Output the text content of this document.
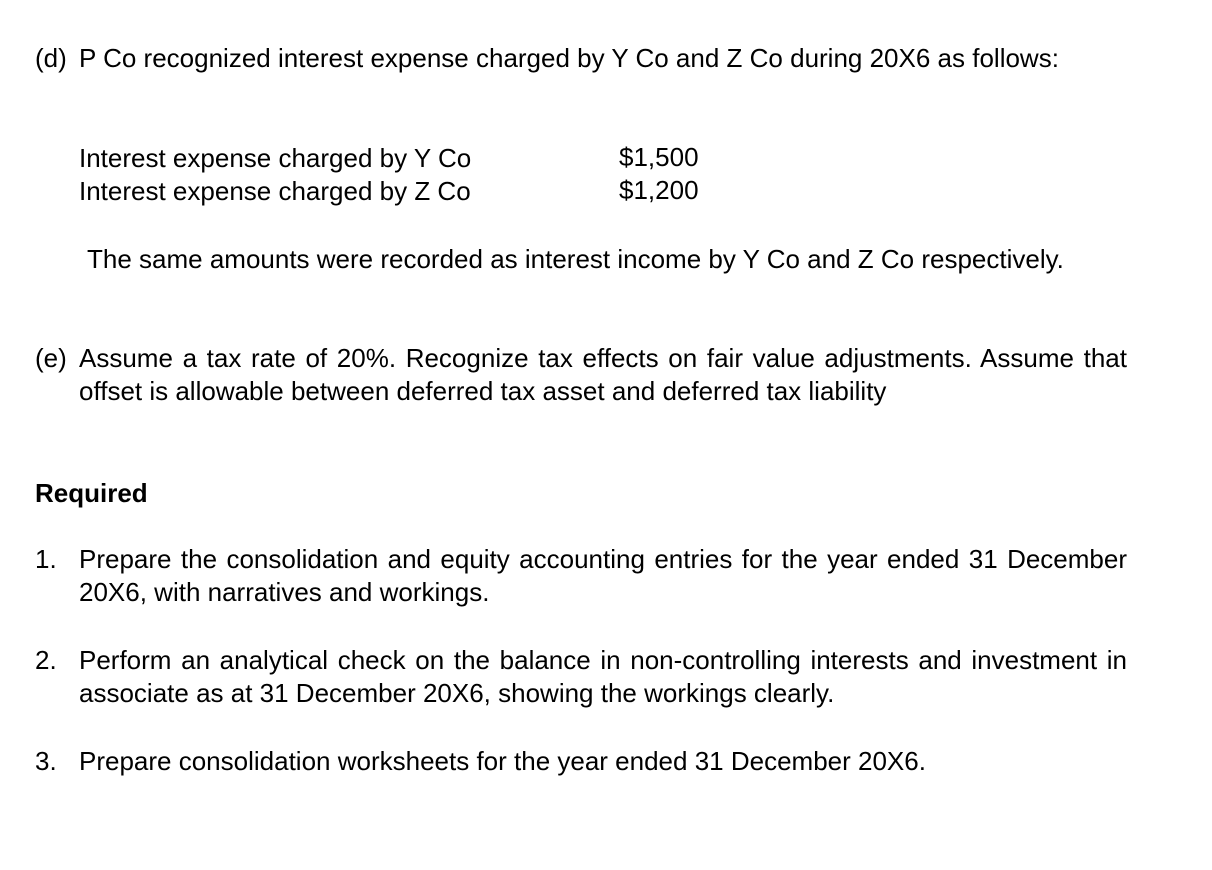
(d) P Co recognized interest expense charged by Y Co and Z Co during 20X6 as follows:
Interest expense charged by Y Co	$1,500
Interest expense charged by Z Co	$1,200
The same amounts were recorded as interest income by Y Co and Z Co respectively.
(e) Assume a tax rate of 20%. Recognize tax effects on fair value adjustments. Assume that offset is allowable between deferred tax asset and deferred tax liability
Required
1. Prepare the consolidation and equity accounting entries for the year ended 31 December 20X6, with narratives and workings.
2. Perform an analytical check on the balance in non-controlling interests and investment in associate as at 31 December 20X6, showing the workings clearly.
3. Prepare consolidation worksheets for the year ended 31 December 20X6.
